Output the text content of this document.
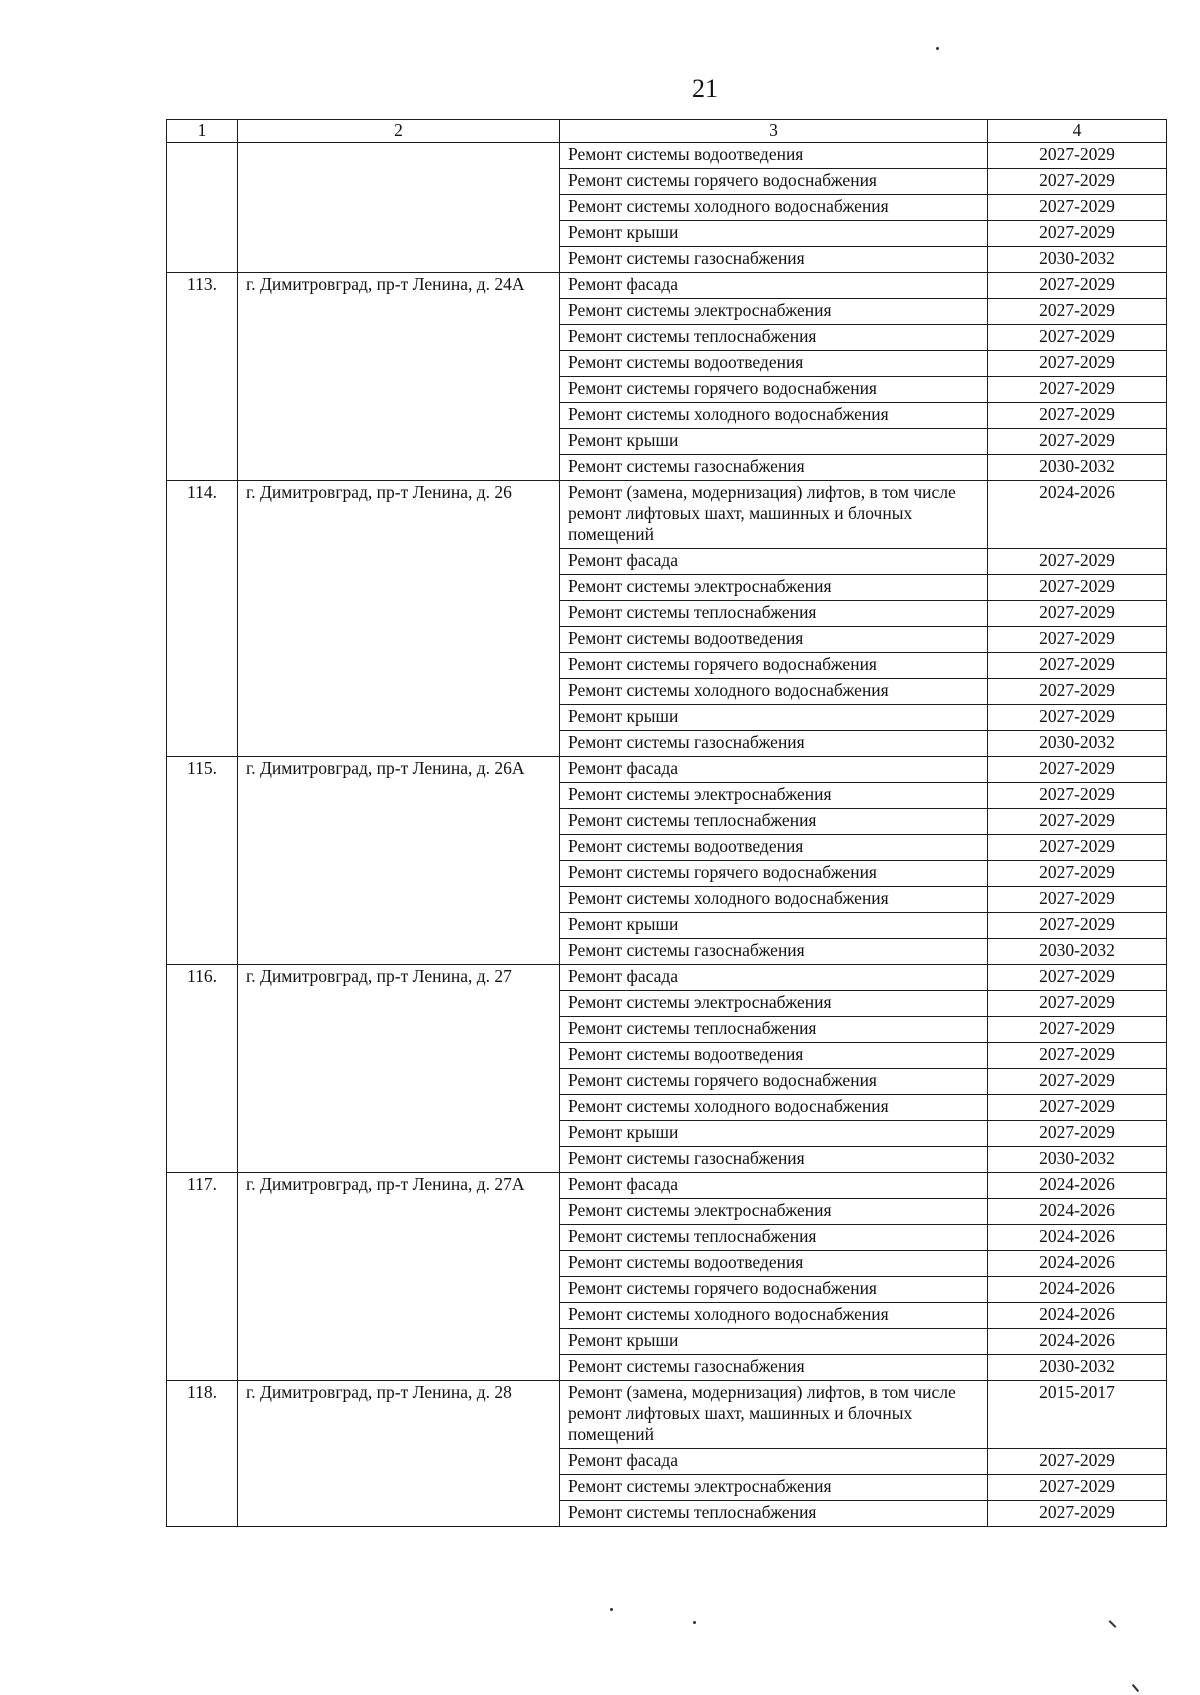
21
1	2	3	4
		Ремонт системы водоотведения	2027-2029
		Ремонт системы горячего водоснабжения	2027-2029
		Ремонт системы холодного водоснабжения	2027-2029
		Ремонт крыши	2027-2029
		Ремонт системы газоснабжения	2030-2032
113.	г. Димитровград, пр-т Ленина, д. 24А	Ремонт фасада	2027-2029
		Ремонт системы электроснабжения	2027-2029
		Ремонт системы теплоснабжения	2027-2029
		Ремонт системы водоотведения	2027-2029
		Ремонт системы горячего водоснабжения	2027-2029
		Ремонт системы холодного водоснабжения	2027-2029
		Ремонт крыши	2027-2029
		Ремонт системы газоснабжения	2030-2032
114.	г. Димитровград, пр-т Ленина, д. 26	Ремонт (замена, модернизация) лифтов, в том числе ремонт лифтовых шахт, машинных и блочных помещений	2024-2026
		Ремонт фасада	2027-2029
		Ремонт системы электроснабжения	2027-2029
		Ремонт системы теплоснабжения	2027-2029
		Ремонт системы водоотведения	2027-2029
		Ремонт системы горячего водоснабжения	2027-2029
		Ремонт системы холодного водоснабжения	2027-2029
		Ремонт крыши	2027-2029
		Ремонт системы газоснабжения	2030-2032
115.	г. Димитровград, пр-т Ленина, д. 26А	Ремонт фасада	2027-2029
		Ремонт системы электроснабжения	2027-2029
		Ремонт системы теплоснабжения	2027-2029
		Ремонт системы водоотведения	2027-2029
		Ремонт системы горячего водоснабжения	2027-2029
		Ремонт системы холодного водоснабжения	2027-2029
		Ремонт крыши	2027-2029
		Ремонт системы газоснабжения	2030-2032
116.	г. Димитровград, пр-т Ленина, д. 27	Ремонт фасада	2027-2029
		Ремонт системы электроснабжения	2027-2029
		Ремонт системы теплоснабжения	2027-2029
		Ремонт системы водоотведения	2027-2029
		Ремонт системы горячего водоснабжения	2027-2029
		Ремонт системы холодного водоснабжения	2027-2029
		Ремонт крыши	2027-2029
		Ремонт системы газоснабжения	2030-2032
117.	г. Димитровград, пр-т Ленина, д. 27А	Ремонт фасада	2024-2026
		Ремонт системы электроснабжения	2024-2026
		Ремонт системы теплоснабжения	2024-2026
		Ремонт системы водоотведения	2024-2026
		Ремонт системы горячего водоснабжения	2024-2026
		Ремонт системы холодного водоснабжения	2024-2026
		Ремонт крыши	2024-2026
		Ремонт системы газоснабжения	2030-2032
118.	г. Димитровград, пр-т Ленина, д. 28	Ремонт (замена, модернизация) лифтов, в том числе ремонт лифтовых шахт, машинных и блочных помещений	2015-2017
		Ремонт фасада	2027-2029
		Ремонт системы электроснабжения	2027-2029
		Ремонт системы теплоснабжения	2027-2029
